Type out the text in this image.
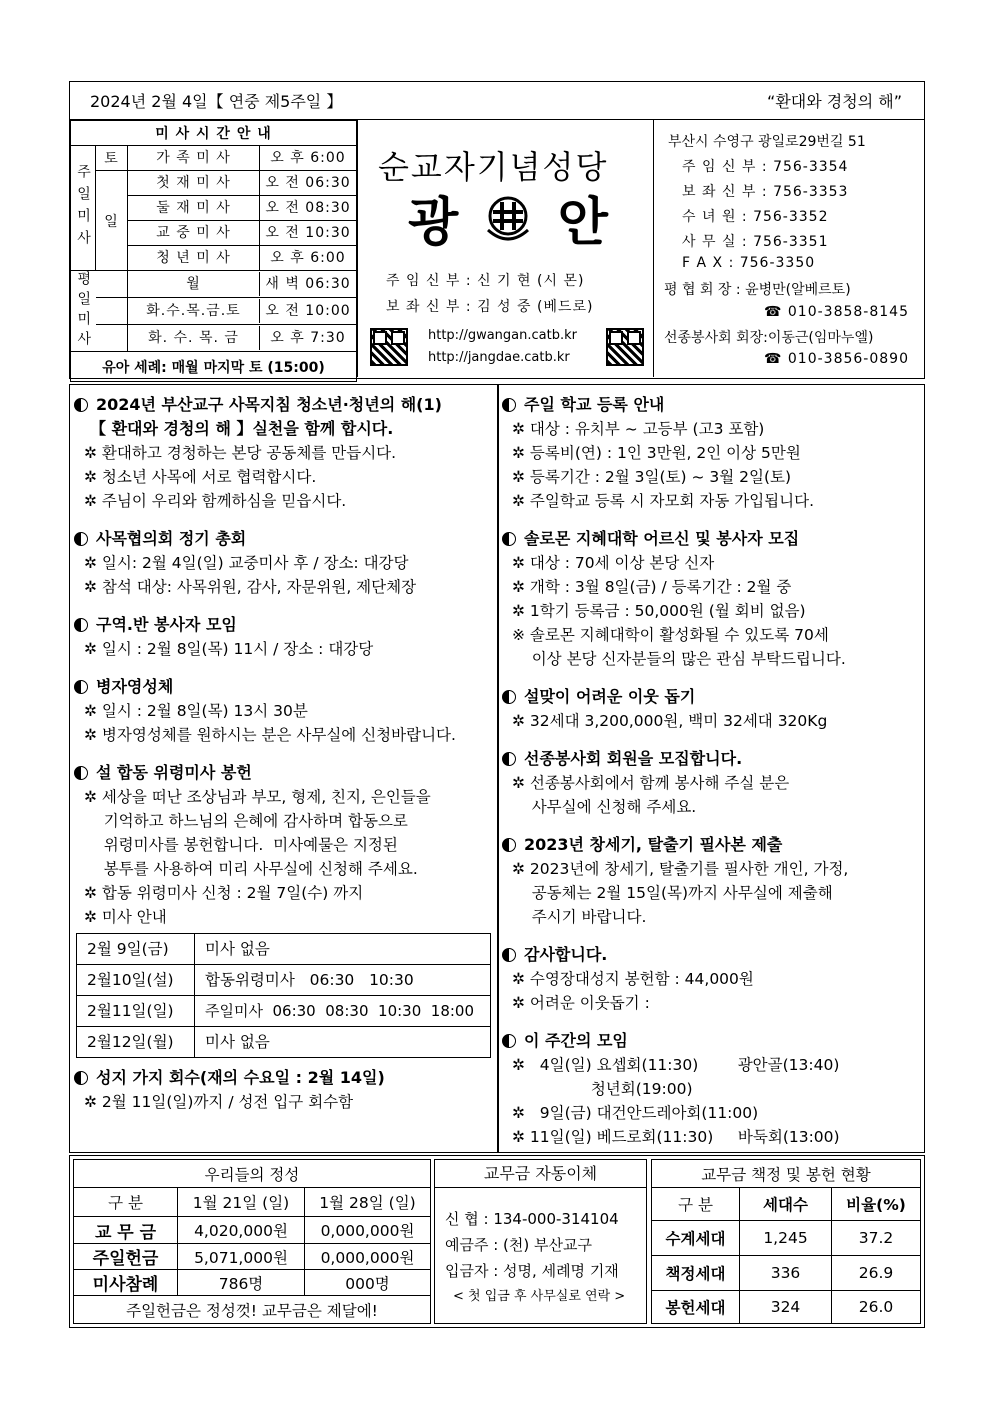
2024년 2월 4일【 연중 제5주일 】	“환대와 경청의 해”
미 사 시 간 안 내		
주일미사	토	가 족 미 사 오 후 6:00

	일	첫 재 미 사 오 전 06:30

		둘 재 미 사 오 전 08:30

		교 중 미 사 오 전 10:30

		청 년 미 사 오 후 6:00

평일미사		월 새 벽 06:30

		화.수.목.금.토 오 전 10:00

		화. 수. 목. 금 오 후 7:30

유아 세례: 매월 마지막 토 (15:00)		
순교자기념성당
광 안
주 임 신 부 : 신 기 현 (시 몬)
보 좌 신 부 : 김 성 중 (베드로)
http://gwangan.catb.kr
http://jangdae.catb.kr
부산시 수영구 광일로29번길 51
주 임 신 부 : 756-3354
보 좌 신 부 : 756-3353
수 녀 원 : 756-3352
사 무 실 : 756-3351
F A X : 756-3350
평 협 회 장 : 윤병만(알베르토)
☎ 010-3858-8145
선종봉사회 회장:이동근(임마누엘)
☎ 010-3856-0890
2024년 부산교구 사목지침 청소년·청년의 해(1)
【 환대와 경청의 해 】실천을 함께 합시다.
✲ 환대하고 경청하는 본당 공동체를 만듭시다.
✲ 청소년 사목에 서로 협력합시다.
✲ 주님이 우리와 함께하심을 믿읍시다.
사목협의회 정기 총회
✲ 일시: 2월 4일(일) 교중미사 후 / 장소: 대강당
✲ 참석 대상: 사목위원, 감사, 자문위원, 제단체장
구역.반 봉사자 모임
✲ 일시 : 2월 8일(목) 11시 / 장소 : 대강당
병자영성체
✲ 일시 : 2월 8일(목) 13시 30분
✲ 병자영성체를 원하시는 분은 사무실에 신청바랍니다.
설 합동 위령미사 봉헌
✲ 세상을 떠난 조상님과 부모, 형제, 친지, 은인들을
기억하고 하느님의 은혜에 감사하며 합동으로
위령미사를 봉헌합니다.  미사예물은 지정된
봉투를 사용하여 미리 사무실에 신청해 주세요.
✲ 합동 위령미사 신청 : 2월 7일(수) 까지
✲ 미사 안내
2월 9일(금)	미사 없음
2월10일(설)	합동위령미사   06:30   10:30
2월11일(일)	주일미사  06:30  08:30  10:30  18:00
2월12일(월)	미사 없음
성지 가지 회수(재의 수요일 : 2월 14일)
✲ 2월 11일(일)까지 / 성전 입구 회수함
주일 학교 등록 안내
✲ 대상 : 유치부 ~ 고등부 (고3 포함)
✲ 등록비(연) : 1인 3만원, 2인 이상 5만원
✲ 등록기간 : 2월 3일(토) ~ 3월 2일(토)
✲ 주일학교 등록 시 자모회 자동 가입됩니다.
솔로몬 지혜대학 어르신 및 봉사자 모집
✲ 대상 : 70세 이상 본당 신자
✲ 개학 : 3월 8일(금) / 등록기간 : 2월 중
✲ 1학기 등록금 : 50,000원 (월 회비 없음)
※ 솔로몬 지혜대학이 활성화될 수 있도록 70세
이상 본당 신자분들의 많은 관심 부탁드립니다.
설맞이 어려운 이웃 돕기
✲ 32세대 3,200,000원, 백미 32세대 320Kg
선종봉사회 회원을 모집합니다.
✲ 선종봉사회에서 함께 봉사해 주실 분은
사무실에 신청해 주세요.
2023년 창세기, 탈출기 필사본 제출
✲ 2023년에 창세기, 탈출기를 필사한 개인, 가정,
공동체는 2월 15일(목)까지 사무실에 제출해
주시기 바랍니다.
감사합니다.
✲ 수영장대성지 봉헌함 : 44,000원
✲ 어려운 이웃돕기 :
이 주간의 모임
✲   4일(일) 요셉회(11:30)        광안골(13:40)
청년회(19:00)
✲   9일(금) 대건안드레아회(11:00)
✲ 11일(일) 베드로회(11:30)     바둑회(13:00)
우리들의 정성		
구 분	1월 21일 (일)	1월 28일 (일)
교 무 금	4,020,000원	0,000,000원
주일헌금	5,071,000원	0,000,000원
미사참례	786명	000명
주일헌금은 정성껏! 교무금은 제달에!		
교무금 자동이체
신 협 : 134-000-314104
예금주 : (천) 부산교구
입금자 : 성명, 세례명 기재
< 첫 입금 후 사무실로 연락 >
교무금 책정 및 봉헌 현황		
구 분	세대수	비율(%)
수계세대	1,245	37.2
책정세대	336	26.9
봉헌세대	324	26.0
